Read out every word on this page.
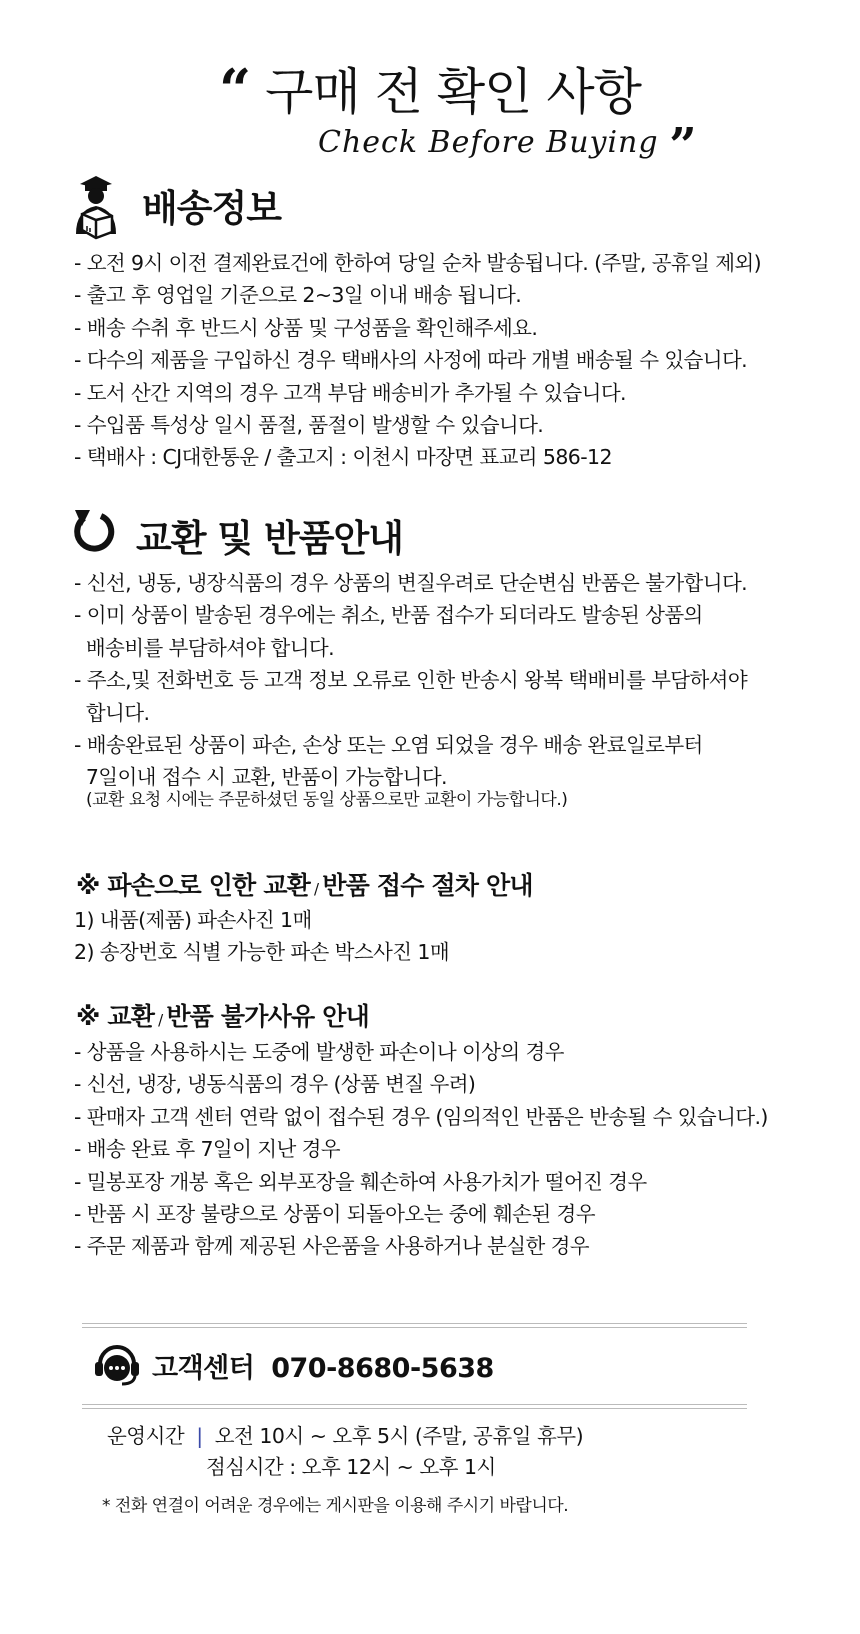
“ 구매 전 확인 사항
Check Before Buying ”
배송정보
- 오전 9시 이전 결제완료건에 한하여 당일 순차 발송됩니다. (주말, 공휴일 제외)
- 출고 후 영업일 기준으로 2~3일 이내 배송 됩니다.
- 배송 수취 후 반드시 상품 및 구성품을 확인해주세요.
- 다수의 제품을 구입하신 경우 택배사의 사정에 따라 개별 배송될 수 있습니다.
- 도서 산간 지역의 경우 고객 부담 배송비가 추가될 수 있습니다.
- 수입품 특성상 일시 품절, 품절이 발생할 수 있습니다.
- 택배사 : CJ대한통운 / 출고지 : 이천시 마장면 표교리 586-12
교환 및 반품안내
- 신선, 냉동, 냉장식품의 경우 상품의 변질우려로 단순변심 반품은 불가합니다.
- 이미 상품이 발송된 경우에는 취소, 반품 접수가 되더라도 발송된 상품의
배송비를 부담하셔야 합니다.
- 주소,및 전화번호 등 고객 정보 오류로 인한 반송시 왕복 택배비를 부담하셔야
합니다.
- 배송완료된 상품이 파손, 손상 또는 오염 되었을 경우 배송 완료일로부터
7일이내 접수 시 교환, 반품이 가능합니다.
(교환 요청 시에는 주문하셨던 동일 상품으로만 교환이 가능합니다.)
※ 파손으로 인한 교환 / 반품 접수 절차 안내
1) 내품(제품) 파손사진 1매
2) 송장번호 식별 가능한 파손 박스사진 1매
※ 교환 / 반품 불가사유 안내
- 상품을 사용하시는 도중에 발생한 파손이나 이상의 경우
- 신선, 냉장, 냉동식품의 경우 (상품 변질 우려)
- 판매자 고객 센터 연락 없이 접수된 경우 (임의적인 반품은 반송될 수 있습니다.)
- 배송 완료 후 7일이 지난 경우
- 밀봉포장 개봉 혹은 외부포장을 훼손하여 사용가치가 떨어진 경우
- 반품 시 포장 불량으로 상품이 되돌아오는 중에 훼손된 경우
- 주문 제품과 함께 제공된 사은품을 사용하거나 분실한 경우
고객센터 070-8680-5638
운영시간 | 오전 10시 ~ 오후 5시 (주말, 공휴일 휴무)
점심시간 : 오후 12시 ~ 오후 1시
* 전화 연결이 어려운 경우에는 게시판을 이용해 주시기 바랍니다.
